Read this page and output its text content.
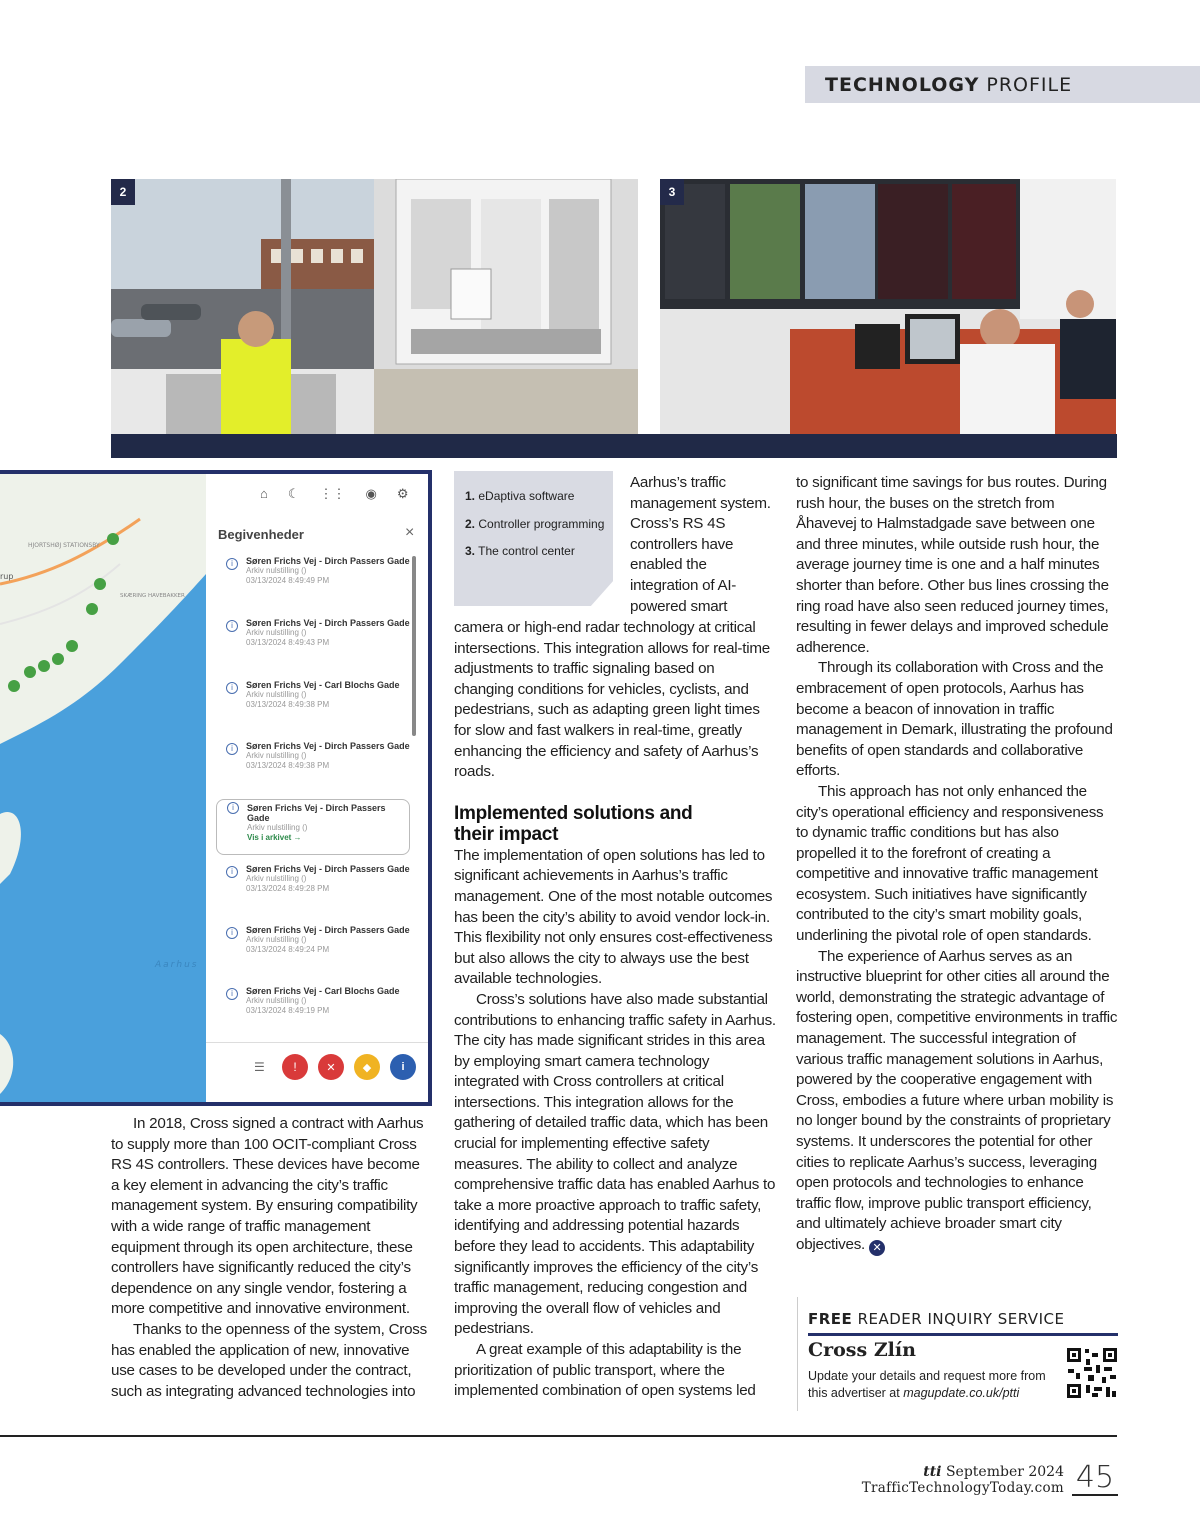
TECHNOLOGY PROFILE
2	3
HJORTSHØJ STATIONSBY
rup
SKÆRING HAVEBAKKER
Aarhus
⌂ ☾ ⋮⋮ ◉ ⚙
Begivenheder	×
i	Søren Frichs Vej - Dirch Passers Gade
Arkiv nulstilling ()
03/13/2024 8:49:49 PM
i	Søren Frichs Vej - Dirch Passers Gade
Arkiv nulstilling ()
03/13/2024 8:49:43 PM
i	Søren Frichs Vej - Carl Blochs Gade
Arkiv nulstilling ()
03/13/2024 8:49:38 PM
i	Søren Frichs Vej - Dirch Passers Gade
Arkiv nulstilling ()
03/13/2024 8:49:38 PM
i	Søren Frichs Vej - Dirch Passers Gade
Arkiv nulstilling ()
Vis i arkivet →
i	Søren Frichs Vej - Dirch Passers Gade
Arkiv nulstilling ()
03/13/2024 8:49:28 PM
i	Søren Frichs Vej - Dirch Passers Gade
Arkiv nulstilling ()
03/13/2024 8:49:24 PM
i	Søren Frichs Vej - Carl Blochs Gade
Arkiv nulstilling ()
03/13/2024 8:49:19 PM
☰	!	✕	◆	i
1. eDaptiva software
2. Controller programming
3. The control center

In 2018, Cross signed a contract with Aarhus to supply more than 100 OCIT-compliant Cross RS 4S controllers. These devices have become a key element in advancing the city’s traffic management system. By ensuring compatibility with a wide range of traffic management equipment through its open architecture, these controllers have significantly reduced the city’s dependence on any single vendor, fostering a more competitive and innovative environment.

Thanks to the openness of the system, Cross has enabled the application of new, innovative use cases to be developed under the contract, such as integrating advanced technologies into

Aarhus’s traffic management system. Cross’s RS 4S controllers have enabled the integration of AI-powered smart

camera or high-end radar technology at critical intersections. This integration allows for real-time adjustments to traffic signaling based on changing conditions for vehicles, cyclists, and pedestrians, such as adapting green light times for slow and fast walkers in real-time, greatly enhancing the efficiency and safety of Aarhus’s roads.

Implemented solutions and their impact

The implementation of open solutions has led to significant achievements in Aarhus’s traffic management. One of the most notable outcomes has been the city’s ability to avoid vendor lock-in. This flexibility not only ensures cost-effectiveness but also allows the city to always use the best available technologies.

Cross’s solutions have also made substantial contributions to enhancing traffic safety in Aarhus. The city has made significant strides in this area by employing smart camera technology integrated with Cross controllers at critical intersections. This integration allows for the gathering of detailed traffic data, which has been crucial for implementing effective safety measures. The ability to collect and analyze comprehensive traffic data has enabled Aarhus to take a more proactive approach to traffic safety, identifying and addressing potential hazards before they lead to accidents. This adaptability significantly improves the efficiency of the city’s traffic management, reducing congestion and improving the overall flow of vehicles and pedestrians.

A great example of this adaptability is the prioritization of public transport, where the implemented combination of open systems led

to significant time savings for bus routes. During rush hour, the buses on the stretch from Åhavevej to Halmstadgade save between one and three minutes, while outside rush hour, the average journey time is one and a half minutes shorter than before. Other bus lines crossing the ring road have also seen reduced journey times, resulting in fewer delays and improved schedule adherence.

Through its collaboration with Cross and the embracement of open protocols, Aarhus has become a beacon of innovation in traffic management in Demark, illustrating the profound benefits of open standards and collaborative efforts.

This approach has not only enhanced the city’s operational efficiency and responsiveness to dynamic traffic conditions but has also propelled it to the forefront of creating a competitive and innovative traffic management ecosystem. Such initiatives have significantly contributed to the city’s smart mobility goals, underlining the pivotal role of open standards.

The experience of Aarhus serves as an instructive blueprint for other cities all around the world, demonstrating the strategic advantage of fostering open, competitive environments in traffic management. The successful integration of various traffic management solutions in Aarhus, powered by the cooperative engagement with Cross, embodies a future where urban mobility is no longer bound by the constraints of proprietary systems. It underscores the potential for other cities to replicate Aarhus’s success, leveraging open protocols and technologies to enhance traffic flow, improve public transport efficiency, and ultimately achieve broader smart city objectives. ✕

FREE READER INQUIRY SERVICE
Cross Zlín
Update your details and request more from
this advertiser at magupdate.co.uk/ptti
tti September 2024
TrafficTechnologyToday.com 45
